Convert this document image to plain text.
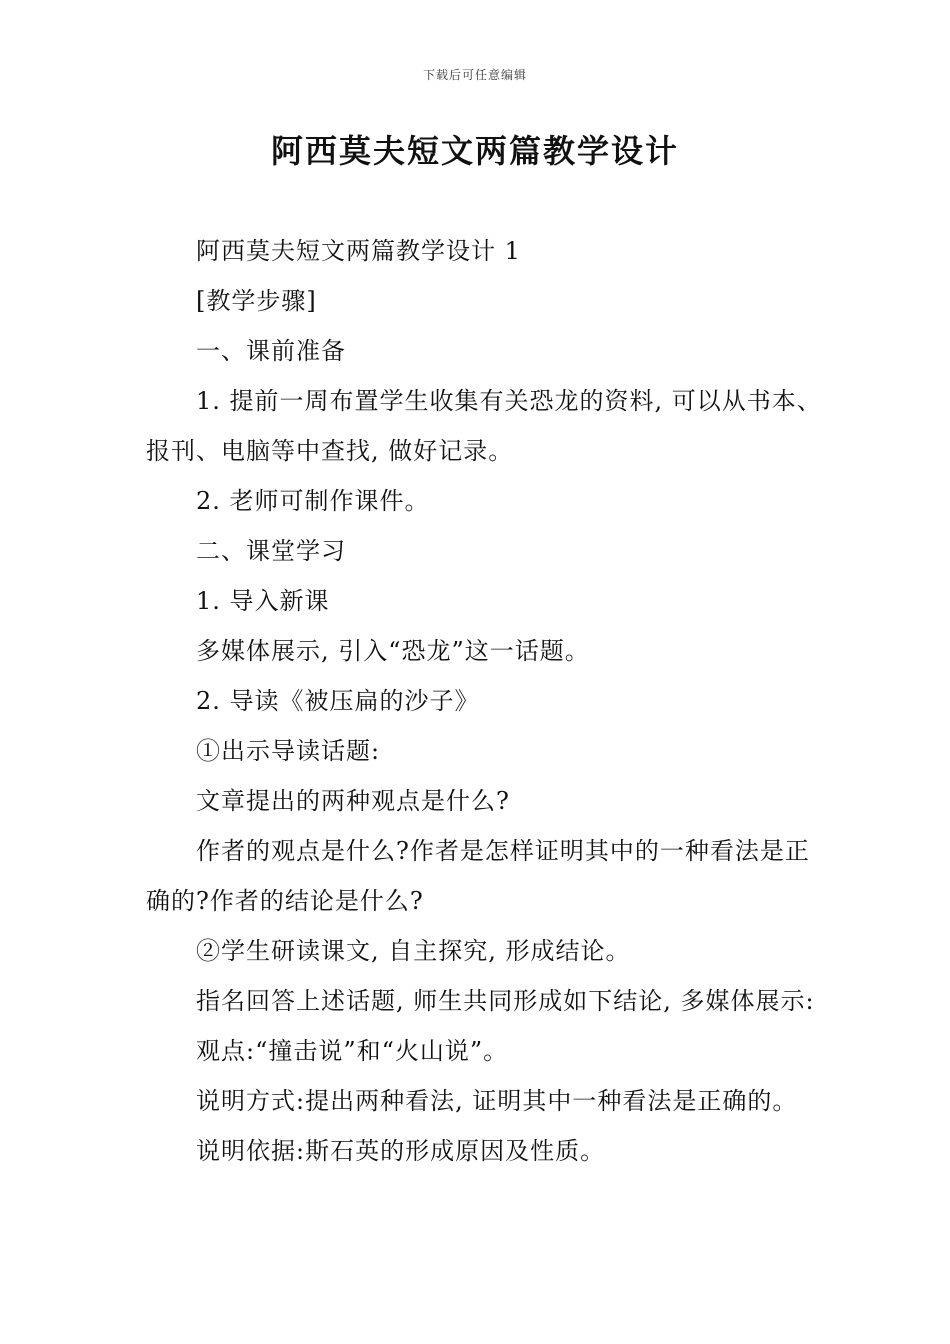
下载后可任意编辑
阿西莫夫短文两篇教学设计

阿西莫夫短文两篇教学设计 1

[教学步骤]

一、课前准备

1. 提前一周布置学生收集有关恐龙的资料, 可以从书本、报刊、电脑等中查找, 做好记录。

2. 老师可制作课件。

二、课堂学习

1. 导入新课

多媒体展示, 引入“恐龙”这一话题。

2. 导读《被压扁的沙子》

①出示导读话题:

文章提出的两种观点是什么?

作者的观点是什么?作者是怎样证明其中的一种看法是正确的?作者的结论是什么?

②学生研读课文, 自主探究, 形成结论。

指名回答上述话题, 师生共同形成如下结论, 多媒体展示:

观点:“撞击说”和“火山说”。

说明方式:提出两种看法, 证明其中一种看法是正确的。

说明依据:斯石英的形成原因及性质。
